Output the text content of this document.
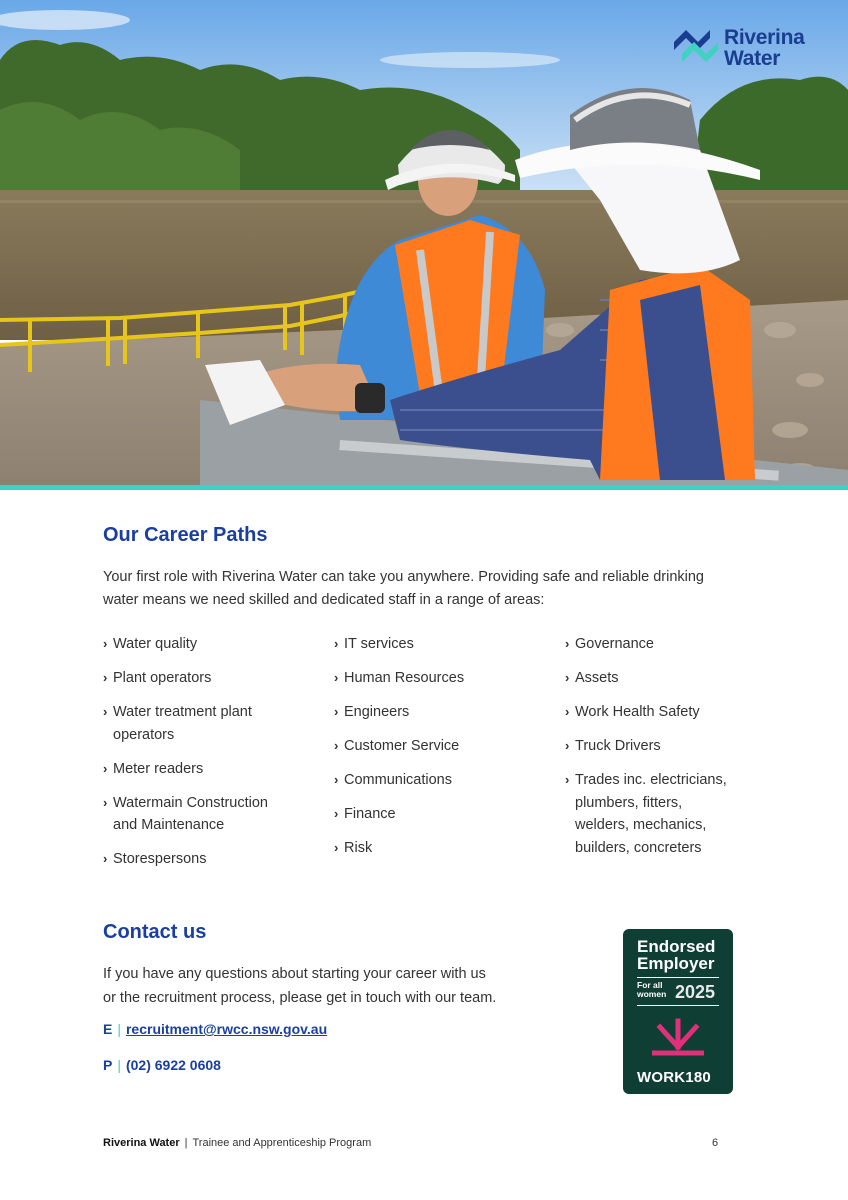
Riverina
Water
Our Career Paths

Your first role with Riverina Water can take you anywhere. Providing safe and reliable drinking

water means we need skilled and dedicated staff in a range of areas:

› Water quality
› Plant operators
› Water treatment plant
operators
› Meter readers
› Watermain Construction
and Maintenance
› Storespersons
› IT services
› Human Resources
› Engineers
› Customer Service
› Communications
› Finance
› Risk
› Governance
› Assets
› Work Health Safety
› Truck Drivers
› Trades inc. electricians,
plumbers, fitters,
welders, mechanics,
builders, concreters
Contact us
If you have any questions about starting your career with us
or the recruitment process, please get in touch with our team.
E | recruitment@rwcc.nsw.gov.au
P | (02) 6922 0608
Endorsed
Employer
For all
women 2025
WORK180
Riverina Water | Trainee and Apprenticeship Program	6
